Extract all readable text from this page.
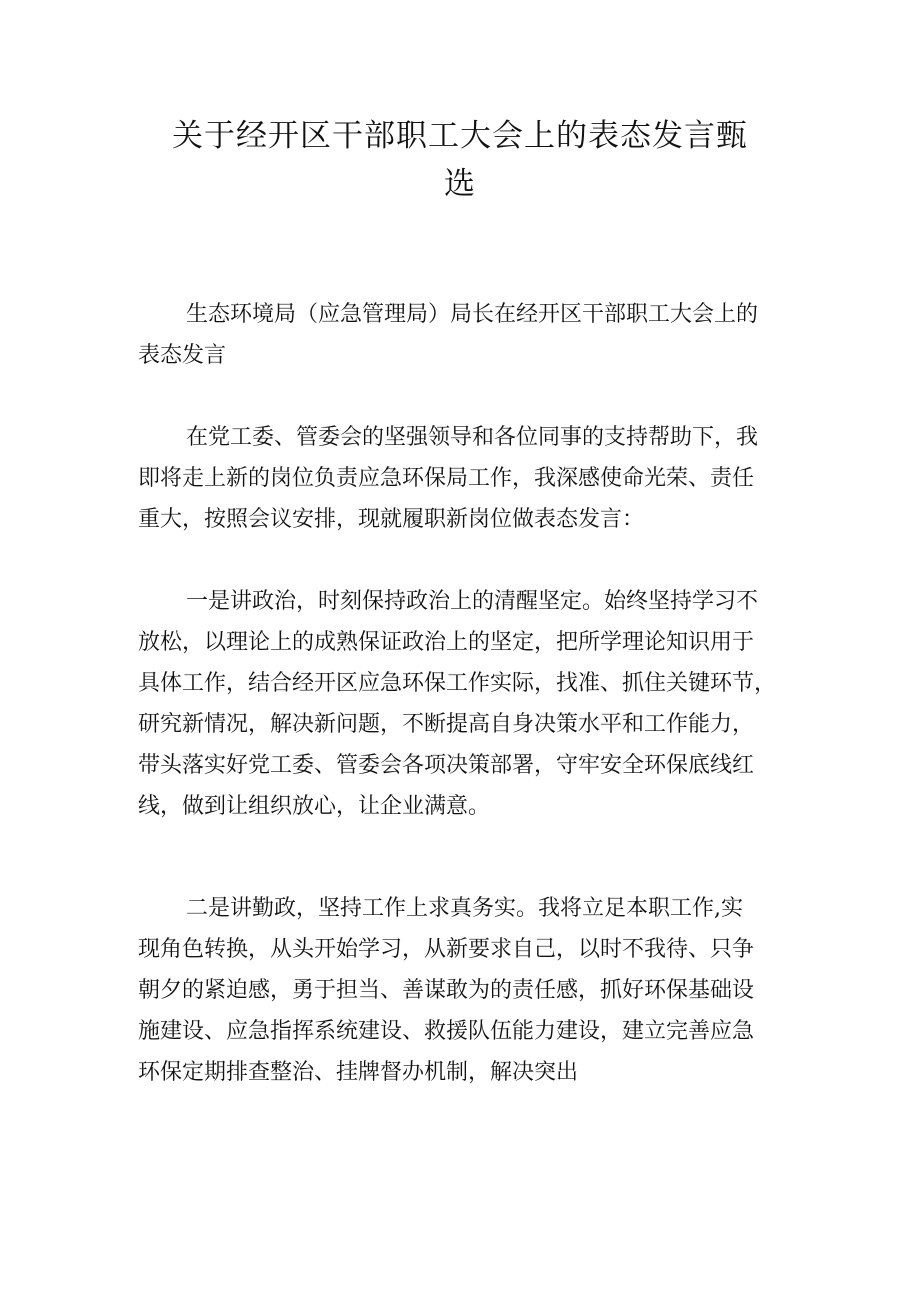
关于经开区干部职工大会上的表态发言甄
选
生态环境局（应急管理局）局长在经开区干部职工大会上的
表态发言
在党工委、管委会的坚强领导和各位同事的支持帮助下，我
即将走上新的岗位负责应急环保局工作，我深感使命光荣、责任
重大，按照会议安排，现就履职新岗位做表态发言：
一是讲政治，时刻保持政治上的清醒坚定。始终坚持学习不
放松，以理论上的成熟保证政治上的坚定，把所学理论知识用于
具体工作，结合经开区应急环保工作实际，找准、抓住关键环节，
研究新情况，解决新问题，不断提高自身决策水平和工作能力，
带头落实好党工委、管委会各项决策部署，守牢安全环保底线红
线，做到让组织放心，让企业满意。
二是讲勤政，坚持工作上求真务实。我将立足本职工作,实
现角色转换，从头开始学习，从新要求自己，以时不我待、只争
朝夕的紧迫感，勇于担当、善谋敢为的责任感，抓好环保基础设
施建设、应急指挥系统建设、救援队伍能力建设，建立完善应急
环保定期排查整治、挂牌督办机制，解决突出
